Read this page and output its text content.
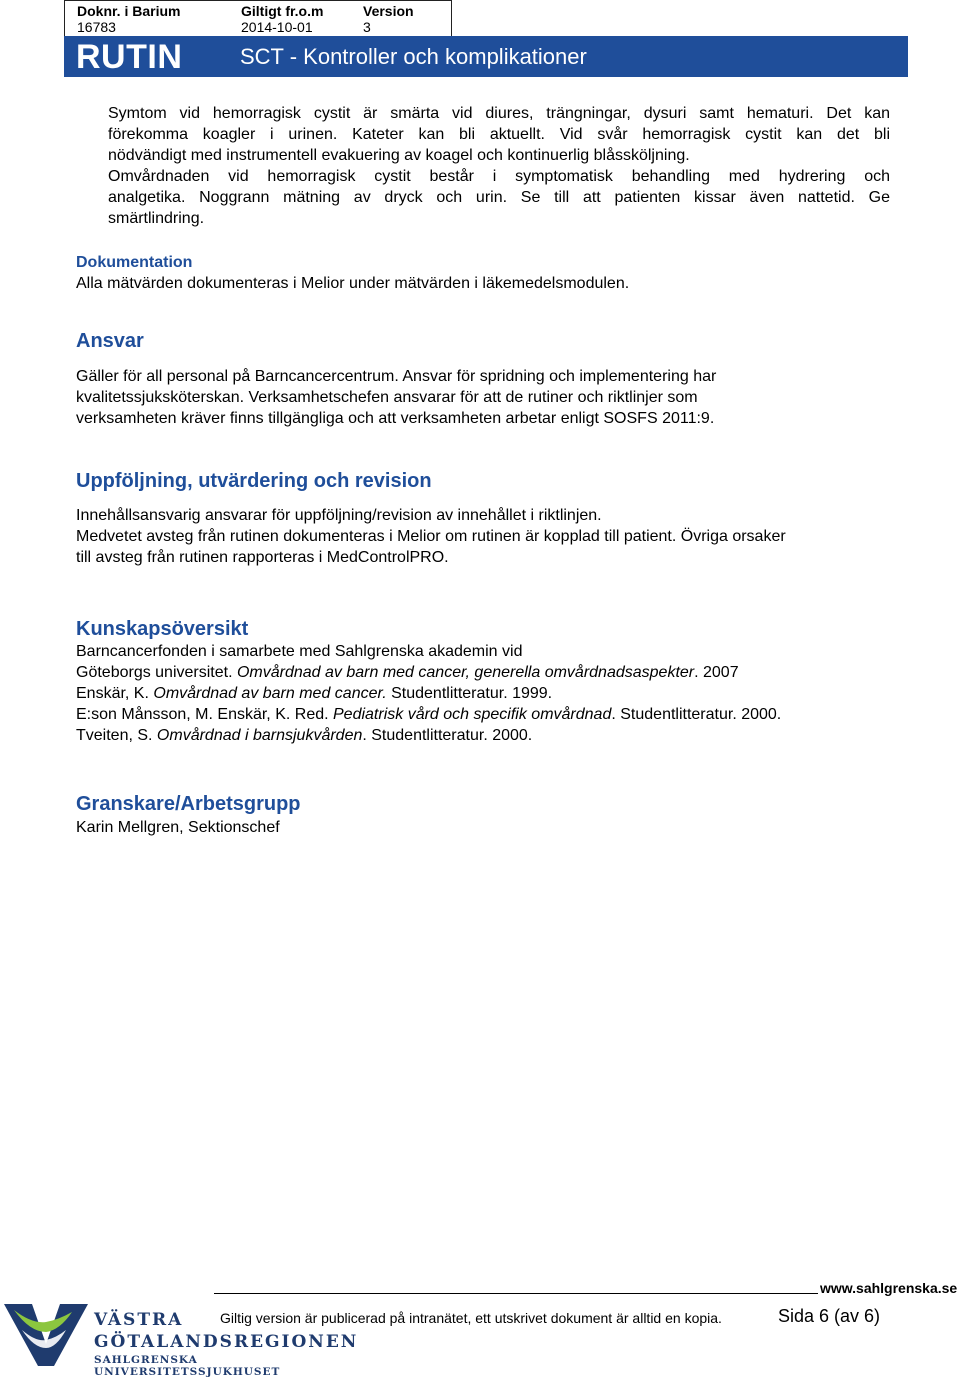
Doknr. i Barium
16783
Giltigt fr.o.m
2014-10-01
Version
3
RUTIN	SCT - Kontroller och komplikationer
Symtom vid hemorragisk cystit är smärta vid diures, trängningar, dysuri samt hematuri. Det kan
förekomma koagler i urinen. Kateter kan bli aktuellt. Vid svår hemorragisk cystit kan det bli
nödvändigt med instrumentell evakuering av koagel och kontinuerlig blåssköljning.
Omvårdnaden vid hemorragisk cystit består i symptomatisk behandling med hydrering och
analgetika. Noggrann mätning av dryck och urin. Se till att patienten kissar även nattetid. Ge
smärtlindring.
Dokumentation
Alla mätvärden dokumenteras i Melior under mätvärden i läkemedelsmodulen.
Ansvar
Gäller för all personal på Barncancercentrum. Ansvar för spridning och implementering har
kvalitetssjuksköterskan. Verksamhetschefen ansvarar för att de rutiner och riktlinjer som
verksamheten kräver finns tillgängliga och att verksamheten arbetar enligt SOSFS 2011:9.
Uppföljning, utvärdering och revision
Innehållsansvarig ansvarar för uppföljning/revision av innehållet i riktlinjen.
Medvetet avsteg från rutinen dokumenteras i Melior om rutinen är kopplad till patient. Övriga orsaker
till avsteg från rutinen rapporteras i MedControlPRO.
Kunskapsöversikt
Barncancerfonden i samarbete med Sahlgrenska akademin vid
Göteborgs universitet. Omvårdnad av barn med cancer, generella omvårdnadsaspekter. 2007
Enskär, K. Omvårdnad av barn med cancer. Studentlitteratur. 1999.
E:son Månsson, M. Enskär, K. Red. Pediatrisk vård och specifik omvårdnad. Studentlitteratur. 2000.
Tveiten, S. Omvårdnad i barnsjukvården. Studentlitteratur. 2000.
Granskare/Arbetsgrupp
Karin Mellgren, Sektionschef
www.sahlgrenska.se
Giltig version är publicerad på intranätet, ett utskrivet dokument är alltid en kopia.	Sida 6 (av 6)
VÄSTRA
GÖTALANDSREGIONEN
SAHLGRENSKA UNIVERSITETSSJUKHUSET
